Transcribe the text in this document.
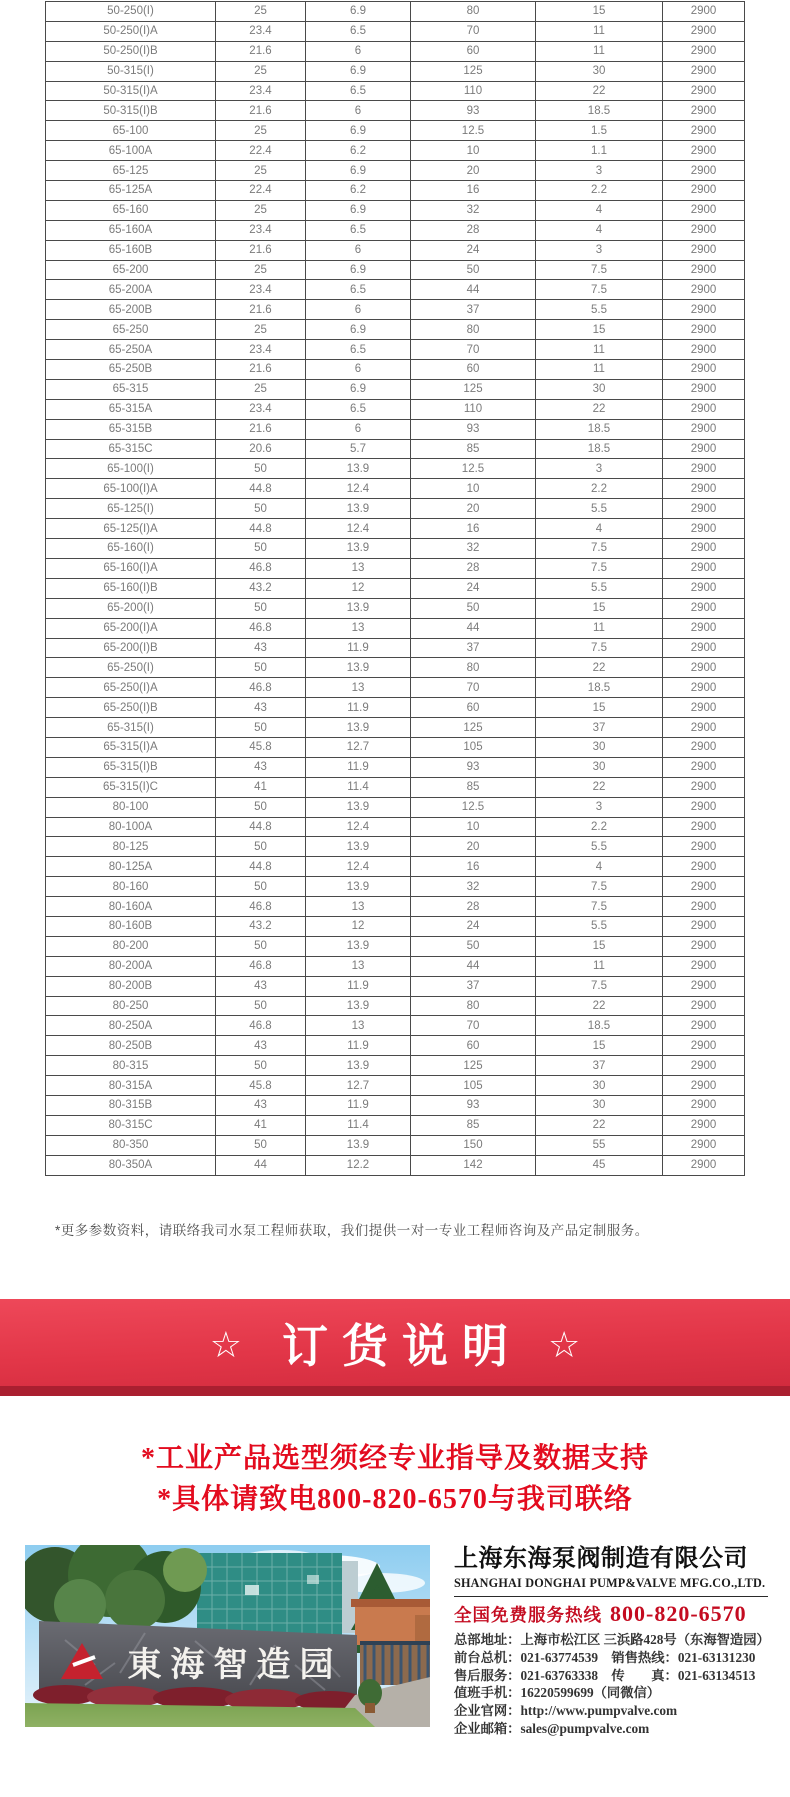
50-250(I)	25	6.9	80	15	2900
50-250(I)A	23.4	6.5	70	11	2900
50-250(I)B	21.6	6	60	11	2900
50-315(I)	25	6.9	125	30	2900
50-315(I)A	23.4	6.5	110	22	2900
50-315(I)B	21.6	6	93	18.5	2900
65-100	25	6.9	12.5	1.5	2900
65-100A	22.4	6.2	10	1.1	2900
65-125	25	6.9	20	3	2900
65-125A	22.4	6.2	16	2.2	2900
65-160	25	6.9	32	4	2900
65-160A	23.4	6.5	28	4	2900
65-160B	21.6	6	24	3	2900
65-200	25	6.9	50	7.5	2900
65-200A	23.4	6.5	44	7.5	2900
65-200B	21.6	6	37	5.5	2900
65-250	25	6.9	80	15	2900
65-250A	23.4	6.5	70	11	2900
65-250B	21.6	6	60	11	2900
65-315	25	6.9	125	30	2900
65-315A	23.4	6.5	110	22	2900
65-315B	21.6	6	93	18.5	2900
65-315C	20.6	5.7	85	18.5	2900
65-100(I)	50	13.9	12.5	3	2900
65-100(I)A	44.8	12.4	10	2.2	2900
65-125(I)	50	13.9	20	5.5	2900
65-125(I)A	44.8	12.4	16	4	2900
65-160(I)	50	13.9	32	7.5	2900
65-160(I)A	46.8	13	28	7.5	2900
65-160(I)B	43.2	12	24	5.5	2900
65-200(I)	50	13.9	50	15	2900
65-200(I)A	46.8	13	44	11	2900
65-200(I)B	43	11.9	37	7.5	2900
65-250(I)	50	13.9	80	22	2900
65-250(I)A	46.8	13	70	18.5	2900
65-250(I)B	43	11.9	60	15	2900
65-315(I)	50	13.9	125	37	2900
65-315(I)A	45.8	12.7	105	30	2900
65-315(I)B	43	11.9	93	30	2900
65-315(I)C	41	11.4	85	22	2900
80-100	50	13.9	12.5	3	2900
80-100A	44.8	12.4	10	2.2	2900
80-125	50	13.9	20	5.5	2900
80-125A	44.8	12.4	16	4	2900
80-160	50	13.9	32	7.5	2900
80-160A	46.8	13	28	7.5	2900
80-160B	43.2	12	24	5.5	2900
80-200	50	13.9	50	15	2900
80-200A	46.8	13	44	11	2900
80-200B	43	11.9	37	7.5	2900
80-250	50	13.9	80	22	2900
80-250A	46.8	13	70	18.5	2900
80-250B	43	11.9	60	15	2900
80-315	50	13.9	125	37	2900
80-315A	45.8	12.7	105	30	2900
80-315B	43	11.9	93	30	2900
80-315C	41	11.4	85	22	2900
80-350	50	13.9	150	55	2900
80-350A	44	12.2	142	45	2900
*更多参数资料，请联络我司水泵工程师获取，我们提供一对一专业工程师咨询及产品定制服务。
☆ 订货说明 ☆
*工业产品选型须经专业指导及数据支持
*具体请致电800-820-6570与我司联络
東海智造园
上海东海泵阀制造有限公司
SHANGHAI DONGHAI PUMP&VALVE MFG.CO.,LTD.
全国免费服务热线 800-820-6570
总部地址：上海市松江区 三浜路428号（东海智造园）
前台总机：021-63774539　销售热线：021-63131230
售后服务：021-63763338　传　　真：021-63134513
值班手机：16220599699（同微信）
企业官网：http://www.pumpvalve.com
企业邮箱：sales@pumpvalve.com
